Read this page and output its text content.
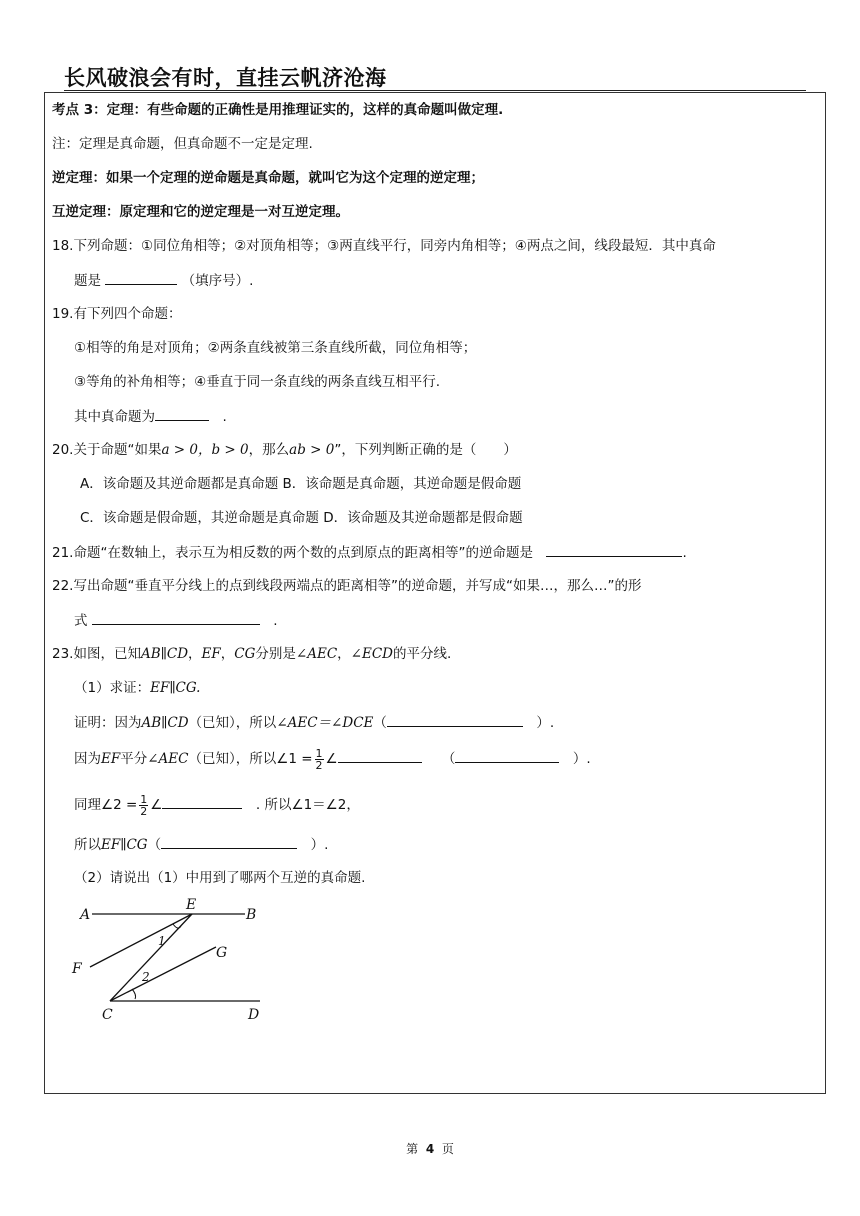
长风破浪会有时，直挂云帆济沧海
考点 3：定理：有些命题的正确性是用推理证实的，这样的真命题叫做定理.
注：定理是真命题，但真命题不一定是定理.
逆定理：如果一个定理的逆命题是真命题，就叫它为这个定理的逆定理；
互逆定理：原定理和它的逆定理是一对互逆定理。
18.下列命题：①同位角相等；②对顶角相等；③两直线平行，同旁内角相等；④两点之间，线段最短．其中真命
题是	（填序号）.
19.有下列四个命题：
①相等的角是对顶角；②两条直线被第三条直线所截，同位角相等；
③等角的补角相等；④垂直于同一条直线的两条直线互相平行.
其中真命题为　	.
20.关于命题“如果a > 0，b > 0，那么ab > 0”，下列判断正确的是（　　）
A．该命题及其逆命题都是真命题 B．该命题是真命题，其逆命题是假命题
C．该命题是假命题，其逆命题是真命题 D．该命题及其逆命题都是假命题
21.命题“在数轴上，表示互为相反数的两个数的点到原点的距离相等”的逆命题是　	.
22.写出命题“垂直平分线上的点到线段两端点的距离相等”的逆命题，并写成“如果…，那么…”的形
式 　	.
23.如图，已知AB∥CD，EF，CG分别是∠AEC，∠ECD的平分线.
（1）求证：EF∥CG.
证明：因为AB∥CD（已知），所以∠AEC＝∠DCE（　	）.
因为EF平分∠AEC（已知），所以∠1 = $\frac{1}{2}$ ∠　　	（　	）.
同理∠2 = $\frac{1}{2}$ ∠　	. 所以∠1＝∠2，
所以EF∥CG（　	）.
（2）请说出（1）中用到了哪两个互逆的真命题.
A
E
B
F
G
C	D
1
2
第 4 页
